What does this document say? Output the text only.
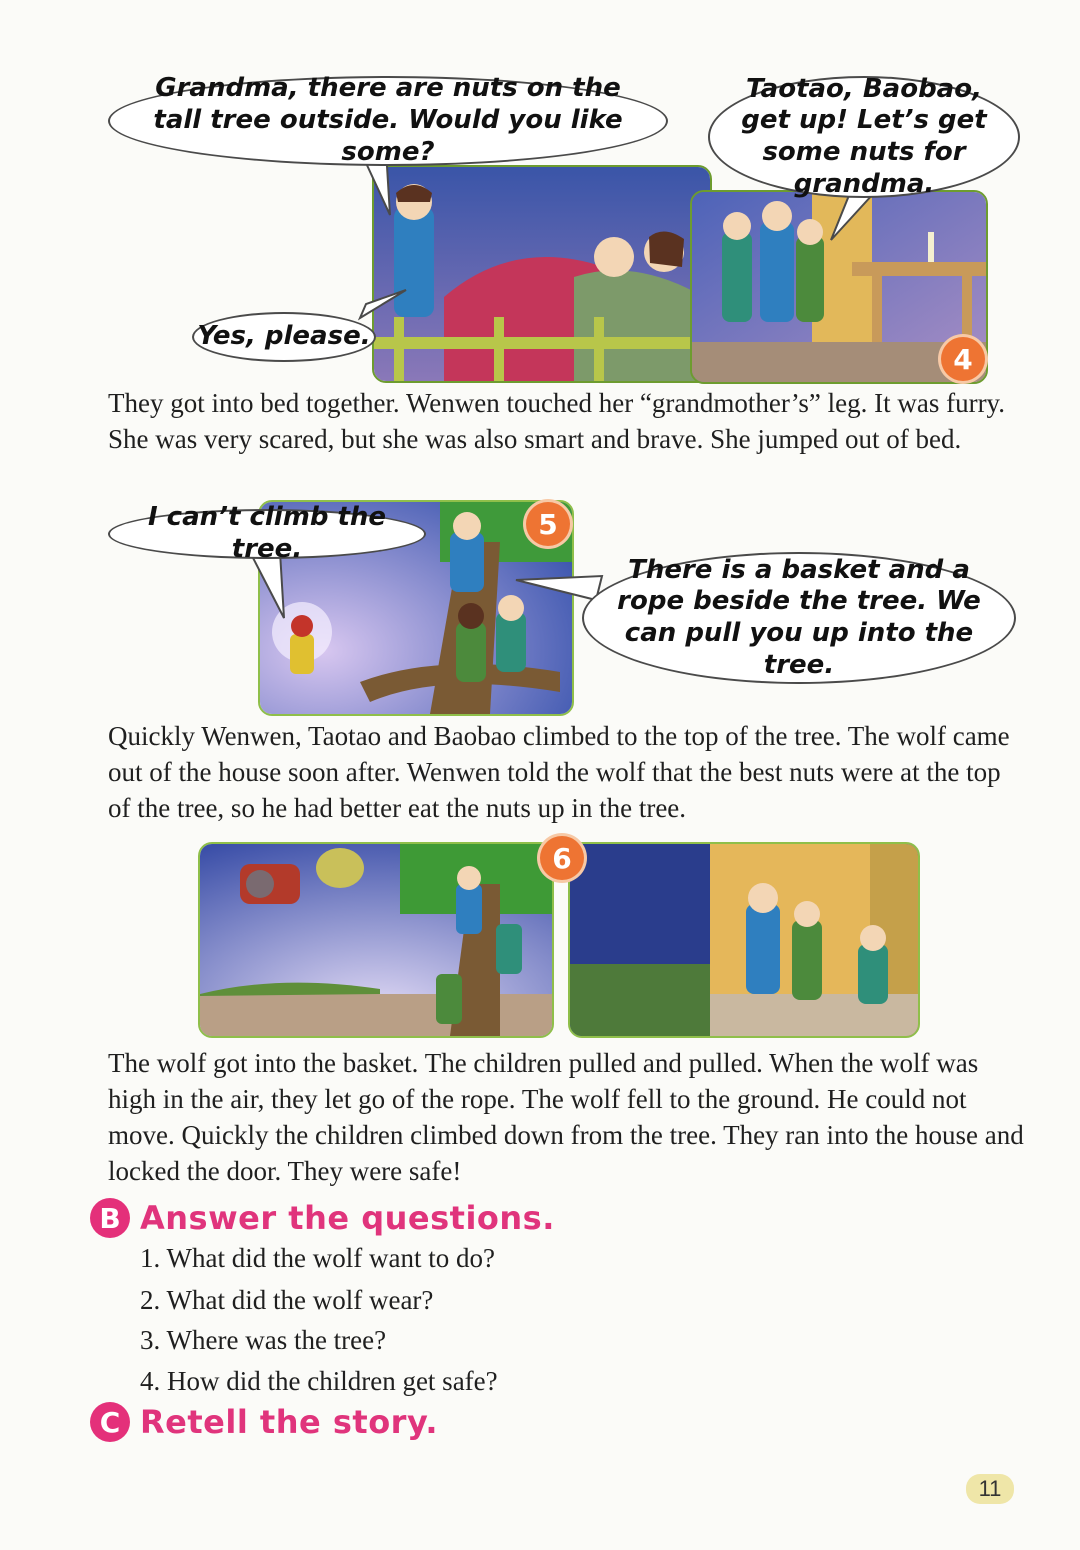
Grandma, there are nuts on the tall tree outside. Would you like some?
Taotao, Baobao, get up! Let’s get some nuts for grandma.
Yes, please.
4

They got into bed together. Wenwen touched her “grandmother’s” leg. It was furry. She was very scared, but she was also smart and brave. She jumped out of bed.

5
I can’t climb the tree.
There is a basket and a rope beside the tree. We can pull you up into the tree.

Quickly Wenwen, Taotao and Baobao climbed to the top of the tree. The wolf came out of the house soon after. Wenwen told the wolf that the best nuts were at the top of the tree, so he had better eat the nuts up in the tree.

6

The wolf got into the basket. The children pulled and pulled. When the wolf was high in the air, they let go of the rope. The wolf fell to the ground. He could not move. Quickly the children climbed down from the tree. They ran into the house and locked the door. They were safe!

B Answer the questions.
1. What did the wolf want to do?
2. What did the wolf wear?
3. Where was the tree?
4. How did the children get safe?
C Retell the story.
11
